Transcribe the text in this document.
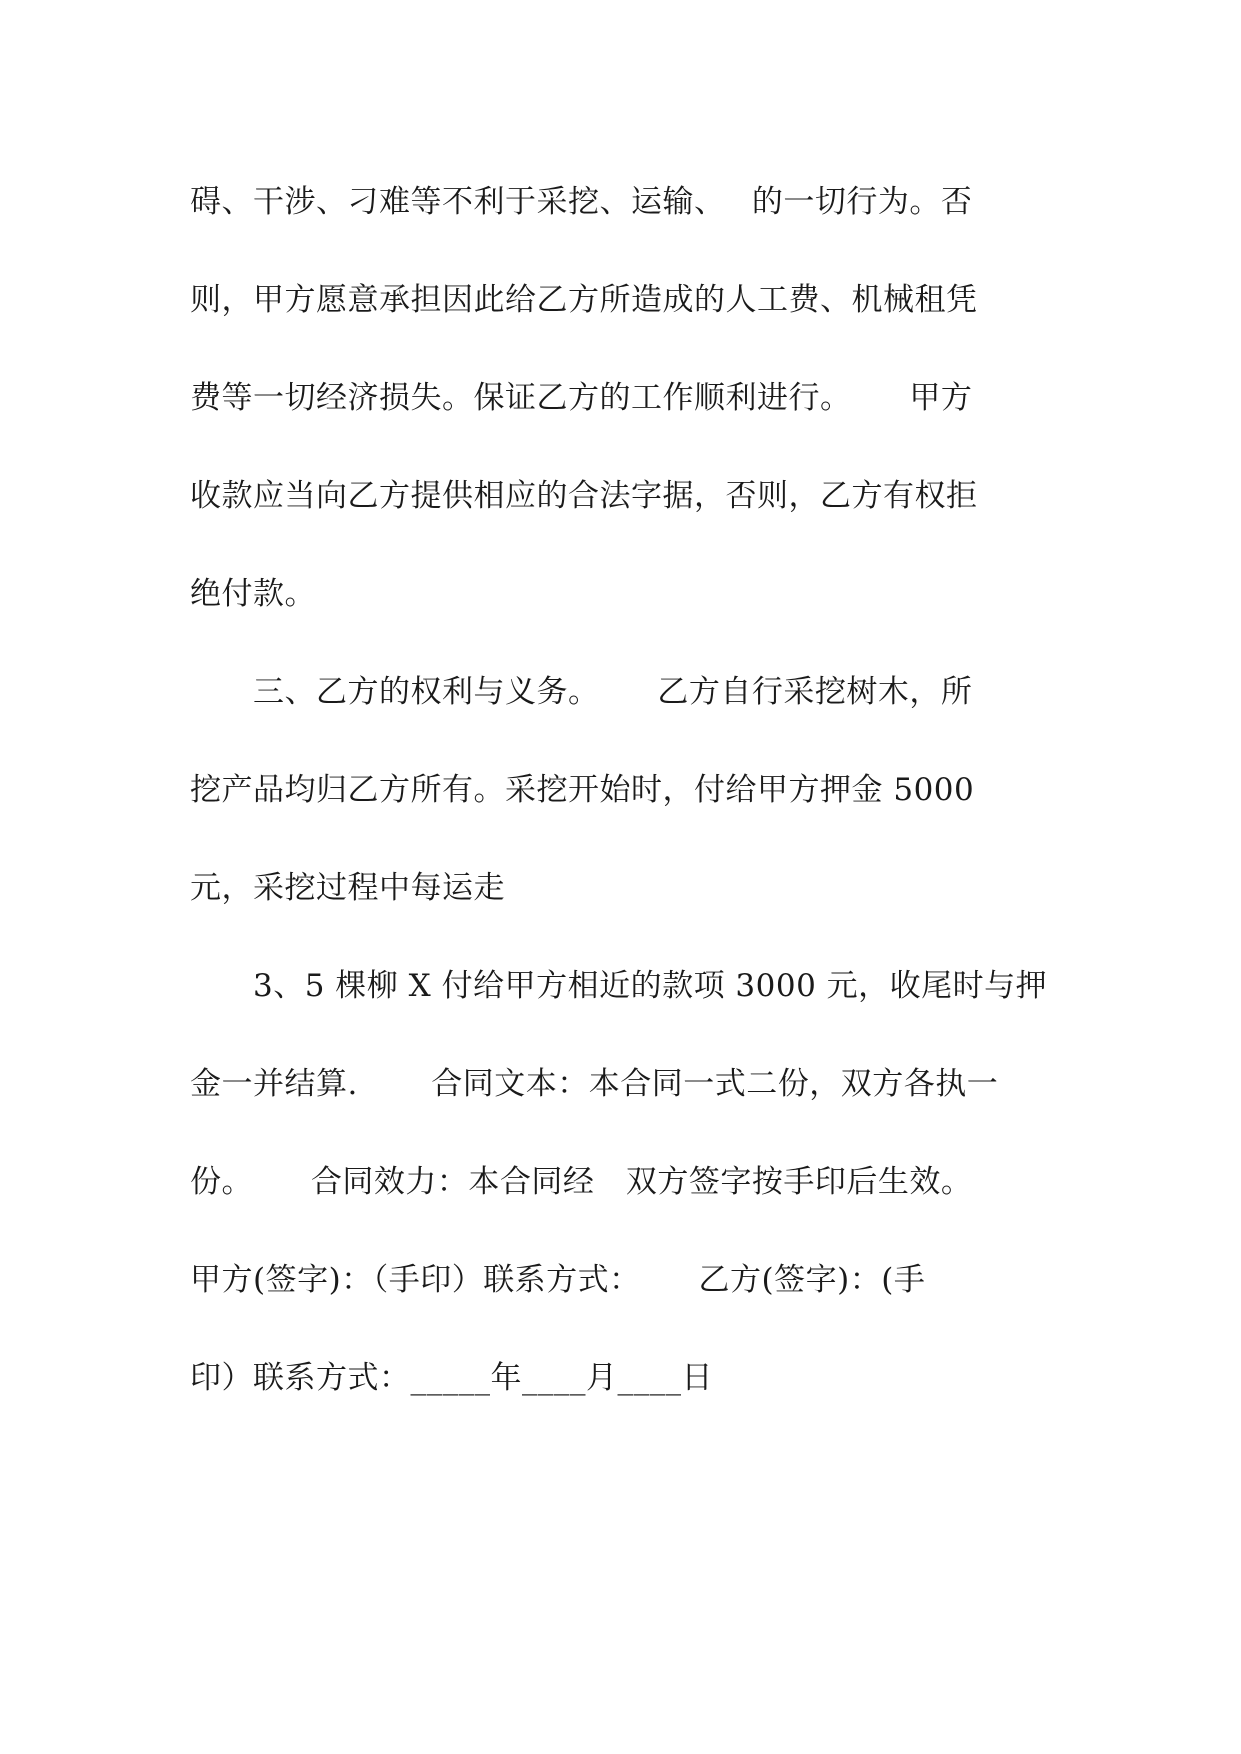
碍、干涉、刁难等不利于采挖、运输、　 的一切行为。否
则，甲方愿意承担因此给乙方所造成的人工费、机械租凭
费等一切经济损失。保证乙方的工作顺利进行。　　 甲方
收款应当向乙方提供相应的合法字据，否则，乙方有权拒
绝付款。
　　三、乙方的权利与义务。　　 乙方自行采挖树木，所
挖产品均归乙方所有。采挖开始时，付给甲方押金 5000
元，采挖过程中每运走
　　3、5 棵柳 X 付给甲方相近的款项 3000 元，收尾时与押
金一并结算.　　 合同文本：本合同一式二份，双方各执一
份。　　 合同效力：本合同经　双方签字按手印后生效。
甲方(签字)：（手印）联系方式：　　 乙方(签字)：(手
印）联系方式：_____年____月____日
